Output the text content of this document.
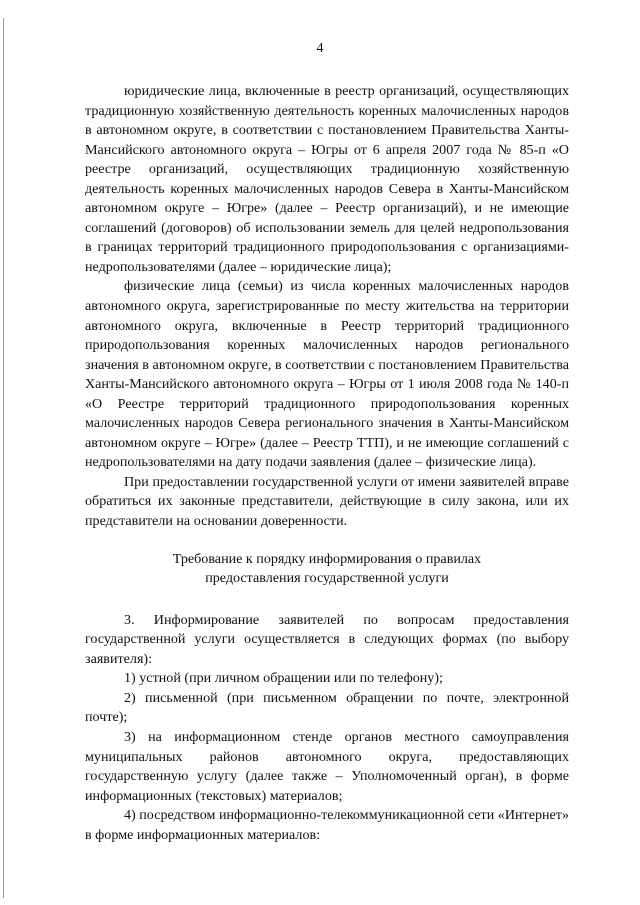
4

юридические лица, включенные в реестр организаций, осуществляющих традиционную хозяйственную деятельность коренных малочисленных народов в автономном округе, в соответствии с постановлением Правительства Ханты-Мансийского автономного округа – Югры от 6 апреля 2007 года № 85-п «О реестре организаций, осуществляющих традиционную хозяйственную деятельность коренных малочисленных народов Севера в Ханты-Мансийском автономном округе – Югре» (далее – Реестр организаций), и не имеющие соглашений (договоров) об использовании земель для целей недропользования в границах территорий традиционного природопользования с организациями-недропользователями (далее – юридические лица);

физические лица (семьи) из числа коренных малочисленных народов автономного округа, зарегистрированные по месту жительства на территории автономного округа, включенные в Реестр территорий традиционного природопользования коренных малочисленных народов регионального значения в автономном округе, в соответствии с постановлением Правительства Ханты-Мансийского автономного округа – Югры от 1 июля 2008 года № 140-п «О Реестре территорий традиционного природопользования коренных малочисленных народов Севера регионального значения в Ханты-Мансийском автономном округе – Югре» (далее – Реестр ТТП), и не имеющие соглашений с недропользователями на дату подачи заявления (далее – физические лица).

При предоставлении государственной услуги от имени заявителей вправе обратиться их законные представители, действующие в силу закона, или их представители на основании доверенности.

Требование к порядку информирования о правилах
предоставления государственной услуги

3. Информирование заявителей по вопросам предоставления государственной услуги осуществляется в следующих формах (по выбору заявителя):

1) устной (при личном обращении или по телефону);

2) письменной (при письменном обращении по почте, электронной почте);

3) на информационном стенде органов местного самоуправления муниципальных районов автономного округа, предоставляющих государственную услугу (далее также – Уполномоченный орган), в форме информационных (текстовых) материалов;

4) посредством информационно-телекоммуникационной сети «Интернет» в форме информационных материалов:
